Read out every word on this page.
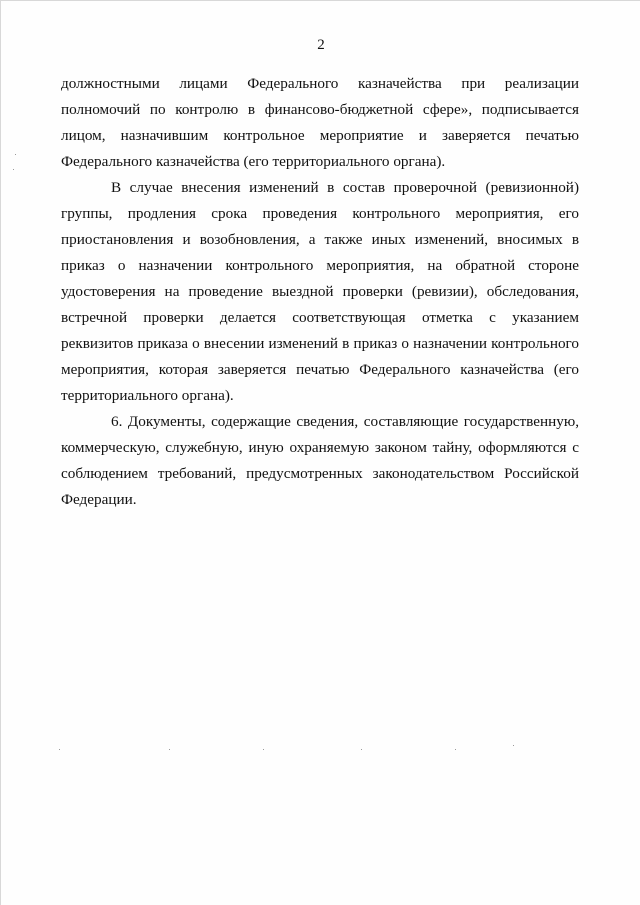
2

должностными лицами Федерального казначейства при реализации полномочий по контролю в финансово-бюджетной сфере», подписывается лицом, назначившим контрольное мероприятие и заверяется печатью Федерального казначейства (его территориального органа).

В случае внесения изменений в состав проверочной (ревизионной) группы, продления срока проведения контрольного мероприятия, его приостановления и возобновления, а также иных изменений, вносимых в приказ о назначении контрольного мероприятия, на обратной стороне удостоверения на проведение выездной проверки (ревизии), обследования, встречной проверки делается соответствующая отметка с указанием реквизитов приказа о внесении изменений в приказ о назначении контрольного мероприятия, которая заверяется печатью Федерального казначейства (его территориального органа).

6. Документы, содержащие сведения, составляющие государственную, коммерческую, служебную, иную охраняемую законом тайну, оформляются с соблюдением требований, предусмотренных законодательством Российской Федерации.
